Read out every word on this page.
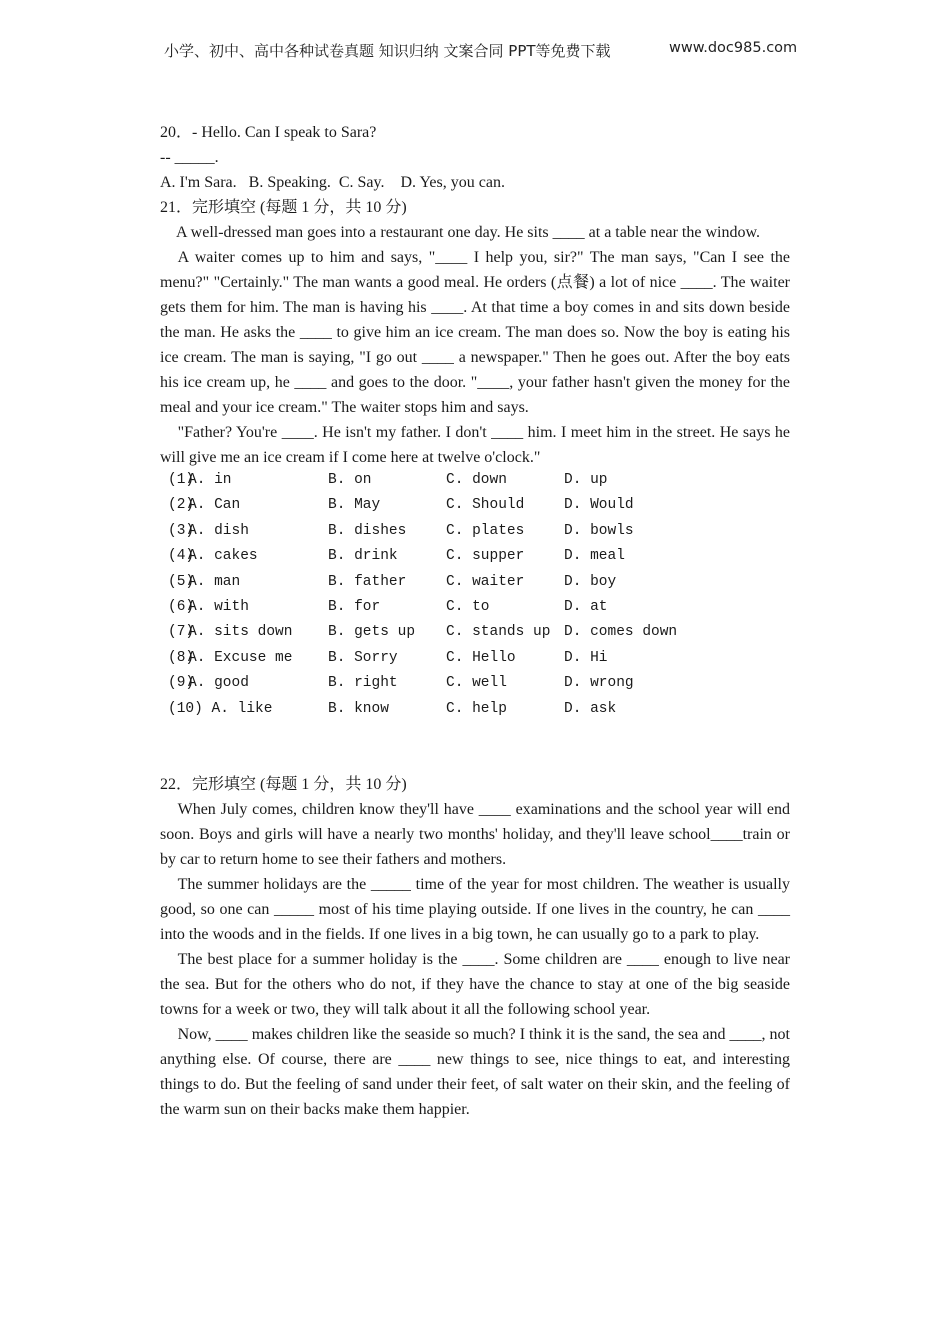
小学、初中、高中各种试卷真题 知识归纳 文案合同 PPT等免费下载	www.doc985.com
20．- Hello. Can I speak to Sara?
-- _____.
A. I'm Sara.   B. Speaking.  C. Say.    D. Yes, you can.
21．完形填空 (每题 1 分，共 10 分)
A well-dressed man goes into a restaurant one day. He sits ____ at a table near the window.
A waiter comes up to him and says, "____ I help you, sir?" The man says, "Can I see the menu?" "Certainly." The man wants a good meal. He orders (点餐) a lot of nice ____. The waiter gets them for him. The man is having his ____. At that time a boy comes in and sits down beside the man. He asks the ____ to give him an ice cream. The man does so. Now the boy is eating his ice cream. The man is saying, "I go out ____ a newspaper." Then he goes out. After the boy eats his ice cream up, he ____ and goes to the door. "____, your father hasn't given the money for the meal and your ice cream." The waiter stops him and says.
"Father? You're ____. He isn't my father. I don't ____ him. I meet him in the street. He says he will give me an ice cream if I come here at twelve o'clock."
(1)
A. in	B. on	C. down	D. up
(2)
A. Can	B. May	C. Should	D. Would
(3)
A. dish	B. dishes	C. plates	D. bowls
(4)
A. cakes	B. drink	C. supper	D. meal
(5)
A. man	B. father	C. waiter	D. boy
(6)
A. with	B. for	C. to	D. at
(7)
A. sits down B. gets up C. stands up D. comes down
(8)
A. Excuse me B. Sorry	C. Hello	D. Hi
(9)
A. good	B. right	C. well	D. wrong
(10) A. like	B. know	C. help	D. ask
22．完形填空 (每题 1 分，共 10 分)
When July comes, children know they'll have ____ examinations and the school year will end soon. Boys and girls will have a nearly two months' holiday, and they'll leave school____train or by car to return home to see their fathers and mothers.
The summer holidays are the _____ time of the year for most children. The weather is usually good, so one can _____ most of his time playing outside. If one lives in the country, he can ____ into the woods and in the fields. If one lives in a big town, he can usually go to a park to play.
The best place for a summer holiday is the ____. Some children are ____ enough to live near the sea. But for the others who do not, if they have the chance to stay at one of the big seaside towns for a week or two, they will talk about it all the following school year.
Now, ____ makes children like the seaside so much? I think it is the sand, the sea and ____, not anything else. Of course, there are ____ new things to see, nice things to eat, and interesting things to do. But the feeling of sand under their feet, of salt water on their skin, and the feeling of the warm sun on their backs make them happier.
